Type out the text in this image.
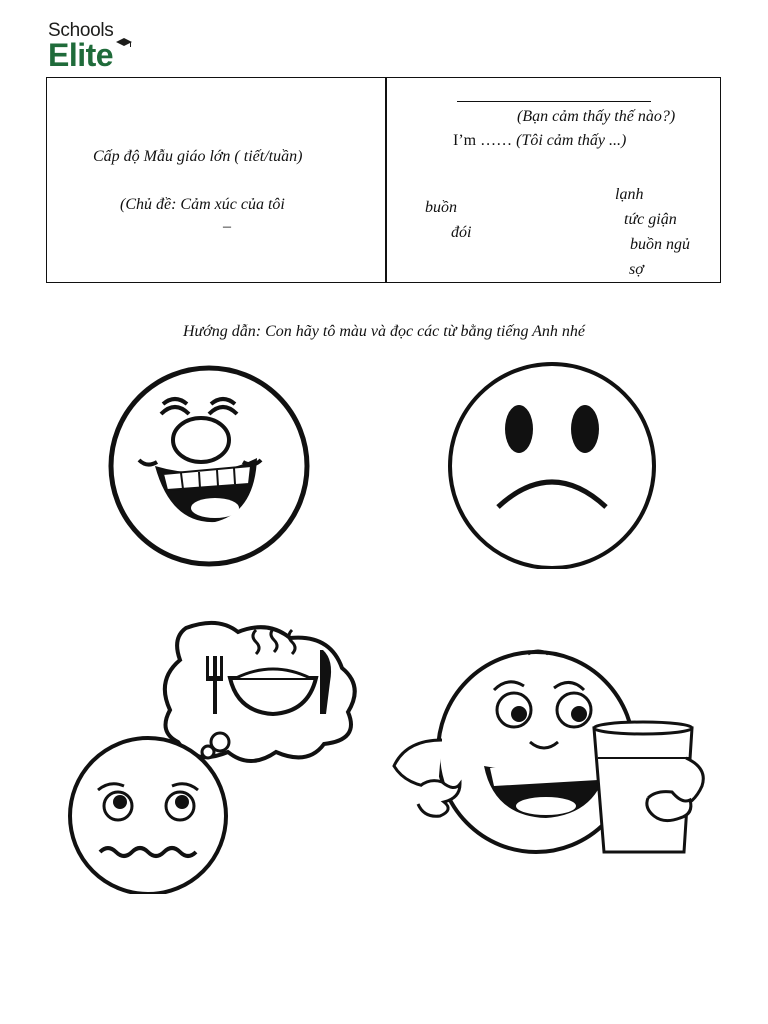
Schools
Elite
Cấp độ Mẫu giáo lớn ( tiết/tuần)
(Chủ đề: Cảm xúc của tôi
–
(Bạn cảm thấy thế nào?)
I’m …… (Tôi cảm thấy ...)
buồn
đói
lạnh
tức giận
buồn ngủ
sợ
Hướng dẫn: Con hãy tô màu và đọc các từ bằng tiếng Anh nhé
